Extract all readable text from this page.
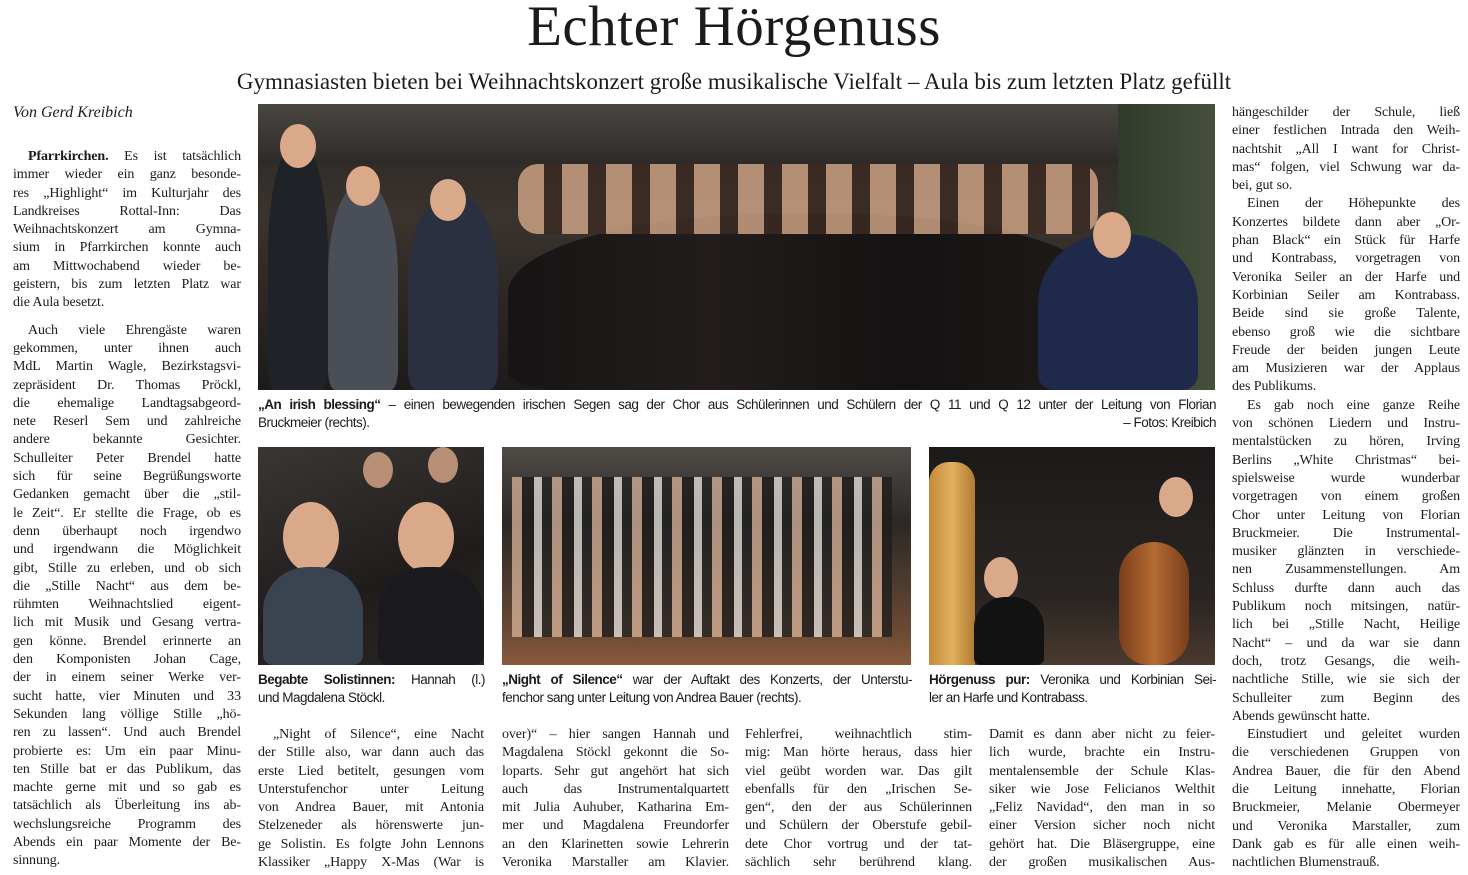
Echter Hörgenuss
Gymnasiasten bieten bei Weihnachtskonzert große musikalische Vielfalt – Aula bis zum letzten Platz gefüllt
Von Gerd Kreibich
Pfarrkirchen. Es ist tatsächlich
immer wieder ein ganz besonde-
res „Highlight“ im Kulturjahr des
Landkreises Rottal-Inn: Das
Weihnachtskonzert am Gymna-
sium in Pfarrkirchen konnte auch
am Mittwochabend wieder be-
geistern, bis zum letzten Platz war
die Aula besetzt.
Auch viele Ehrengäste waren
gekommen, unter ihnen auch
MdL Martin Wagle, Bezirkstagsvi-
zepräsident Dr. Thomas Pröckl,
die ehemalige Landtagsabgeord-
nete Reserl Sem und zahlreiche
andere bekannte Gesichter.
Schulleiter Peter Brendel hatte
sich für seine Begrüßungsworte
Gedanken gemacht über die „stil-
le Zeit“. Er stellte die Frage, ob es
denn überhaupt noch irgendwo
und irgendwann die Möglichkeit
gibt, Stille zu erleben, und ob sich
die „Stille Nacht“ aus dem be-
rühmten Weihnachtslied eigent-
lich mit Musik und Gesang vertra-
gen könne. Brendel erinnerte an
den Komponisten Johan Cage,
der in einem seiner Werke ver-
sucht hatte, vier Minuten und 33
Sekunden lang völlige Stille „hö-
ren zu lassen“. Und auch Brendel
probierte es: Um ein paar Minu-
ten Stille bat er das Publikum, das
machte gerne mit und so gab es
tatsächlich als Überleitung ins ab-
wechslungsreiche Programm des
Abends ein paar Momente der Be-
sinnung.
hängeschilder der Schule, ließ
einer festlichen Intrada den Weih-
nachtshit „All I want for Christ-
mas“ folgen, viel Schwung war da-
bei, gut so.
Einen der Höhepunkte des
Konzertes bildete dann aber „Or-
phan Black“ ein Stück für Harfe
und Kontrabass, vorgetragen von
Veronika Seiler an der Harfe und
Korbinian Seiler am Kontrabass.
Beide sind sie große Talente,
ebenso groß wie die sichtbare
Freude der beiden jungen Leute
am Musizieren war der Applaus
des Publikums.
Es gab noch eine ganze Reihe
von schönen Liedern und Instru-
mentalstücken zu hören, Irving
Berlins „White Christmas“ bei-
spielsweise wurde wunderbar
vorgetragen von einem großen
Chor unter Leitung von Florian
Bruckmeier. Die Instrumental-
musiker glänzten in verschiede-
nen Zusammenstellungen. Am
Schluss durfte dann auch das
Publikum noch mitsingen, natür-
lich bei „Stille Nacht, Heilige
Nacht“ – und da war sie dann
doch, trotz Gesangs, die weih-
nachtliche Stille, wie sie sich der
Schulleiter zum Beginn des
Abends gewünscht hatte.
Einstudiert und geleitet wurden
die verschiedenen Gruppen von
Andrea Bauer, die für den Abend
die Leitung innehatte, Florian
Bruckmeier, Melanie Obermeyer
und Veronika Marstaller, zum
Dank gab es für alle einen weih-
nachtlichen Blumenstrauß.
„Night of Silence“, eine Nacht
der Stille also, war dann auch das
erste Lied betitelt, gesungen vom
Unterstufenchor unter Leitung
von Andrea Bauer, mit Antonia
Stelzeneder als hörenswerte jun-
ge Solistin. Es folgte John Lennons
Klassiker „Happy X-Mas (War is
over)“ – hier sangen Hannah und
Magdalena Stöckl gekonnt die So-
loparts. Sehr gut angehört hat sich
auch das Instrumentalquartett
mit Julia Auhuber, Katharina Em-
mer und Magdalena Freundorfer
an den Klarinetten sowie Lehrerin
Veronika Marstaller am Klavier.
Fehlerfrei, weihnachtlich stim-
mig: Man hörte heraus, dass hier
viel geübt worden war. Das gilt
ebenfalls für den „Irischen Se-
gen“, den der aus Schülerinnen
und Schülern der Oberstufe gebil-
dete Chor vortrug und der tat-
sächlich sehr berührend klang.
Damit es dann aber nicht zu feier-
lich wurde, brachte ein Instru-
mentalensemble der Schule Klas-
siker wie Jose Felicianos Welthit
„Feliz Navidad“, den man in so
einer Version sicher noch nicht
gehört hat. Die Bläsergruppe, eine
der großen musikalischen Aus-
„An irish blessing“ – einen bewegenden irischen Segen sag der Chor aus Schülerinnen und Schülern der Q 11 und Q 12 unter der Leitung von Florian
Bruckmeier (rechts).	– Fotos: Kreibich
Begabte Solistinnen: Hannah (l.)
und Magdalena Stöckl.
„Night of Silence“ war der Auftakt des Konzerts, der Unterstu-
fenchor sang unter Leitung von Andrea Bauer (rechts).
Hörgenuss pur: Veronika und Korbinian Sei-
ler an Harfe und Kontrabass.
